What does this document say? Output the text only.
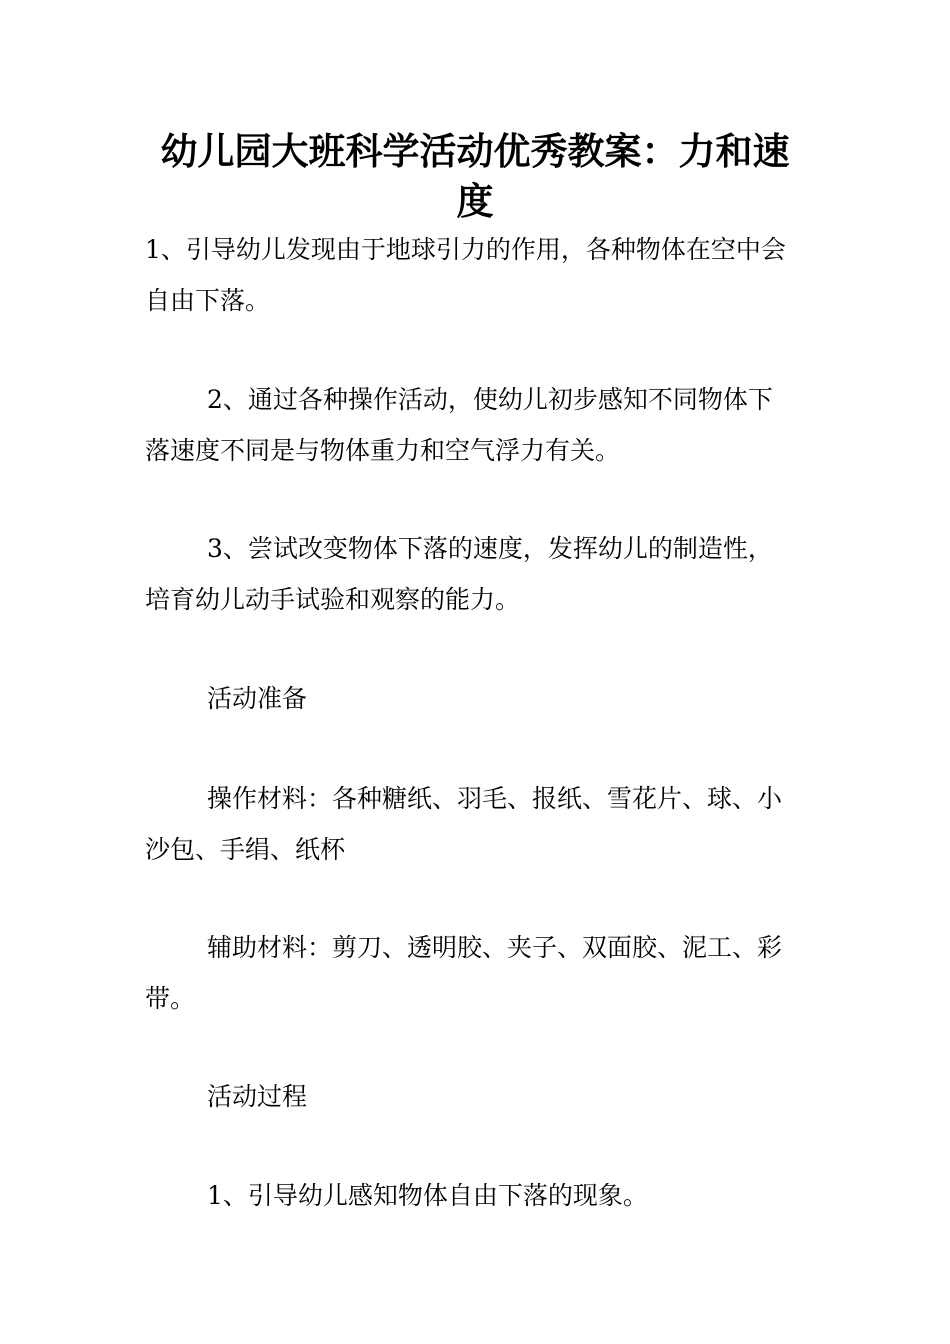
幼儿园大班科学活动优秀教案：力和速
度

1、引导幼儿发现由于地球引力的作用，各种物体在空中会
自由下落。

2、通过各种操作活动，使幼儿初步感知不同物体下
落速度不同是与物体重力和空气浮力有关。

3、尝试改变物体下落的速度，发挥幼儿的制造性，
培育幼儿动手试验和观察的能力。

活动准备

操作材料：各种糖纸、羽毛、报纸、雪花片、球、小
沙包、手绢、纸杯

辅助材料：剪刀、透明胶、夹子、双面胶、泥工、彩
带。

活动过程

1、引导幼儿感知物体自由下落的现象。
